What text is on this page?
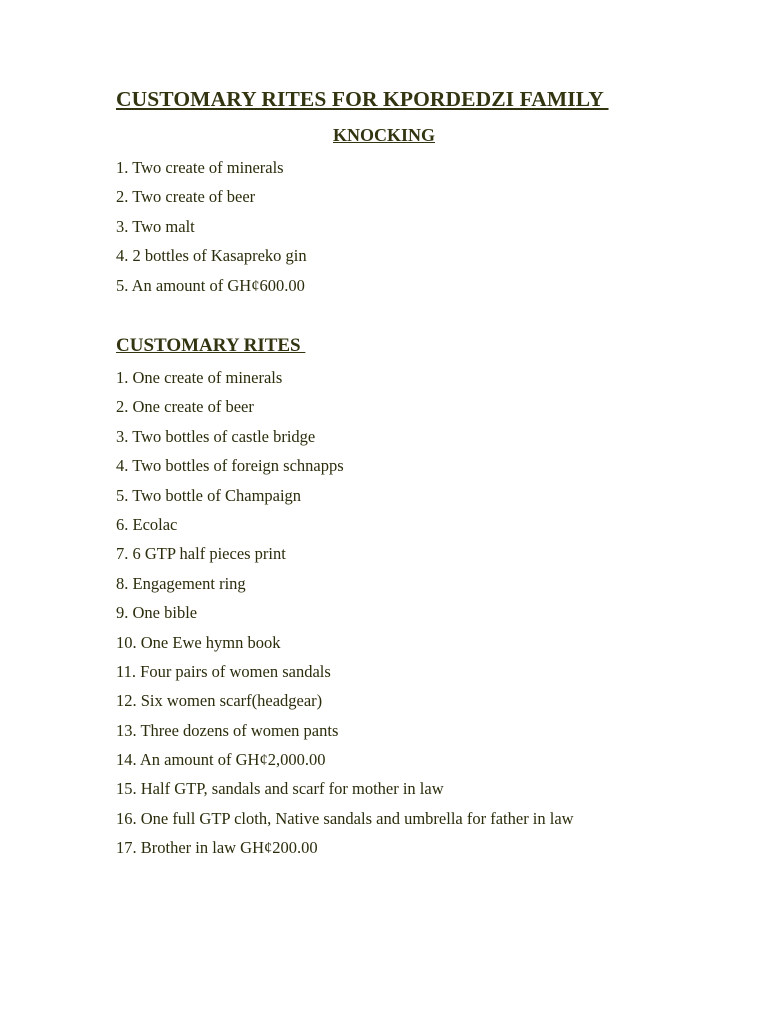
CUSTOMARY RITES FOR KPORDEDZI FAMILY
KNOCKING
1. Two create of minerals
2. Two create of beer
3. Two malt
4. 2 bottles of Kasapreko gin
5. An amount of GH¢600.00
CUSTOMARY RITES
1. One create of minerals
2. One create of beer
3. Two bottles of castle bridge
4. Two bottles of foreign schnapps
5. Two bottle of Champaign
6. Ecolac
7. 6 GTP half pieces print
8. Engagement ring
9. One bible
10. One Ewe hymn book
11. Four pairs of women sandals
12. Six women scarf(headgear)
13. Three dozens of women pants
14. An amount of GH¢2,000.00
15. Half GTP, sandals and scarf for mother in law
16. One full GTP cloth, Native sandals and umbrella for father in law
17. Brother in law GH¢200.00
